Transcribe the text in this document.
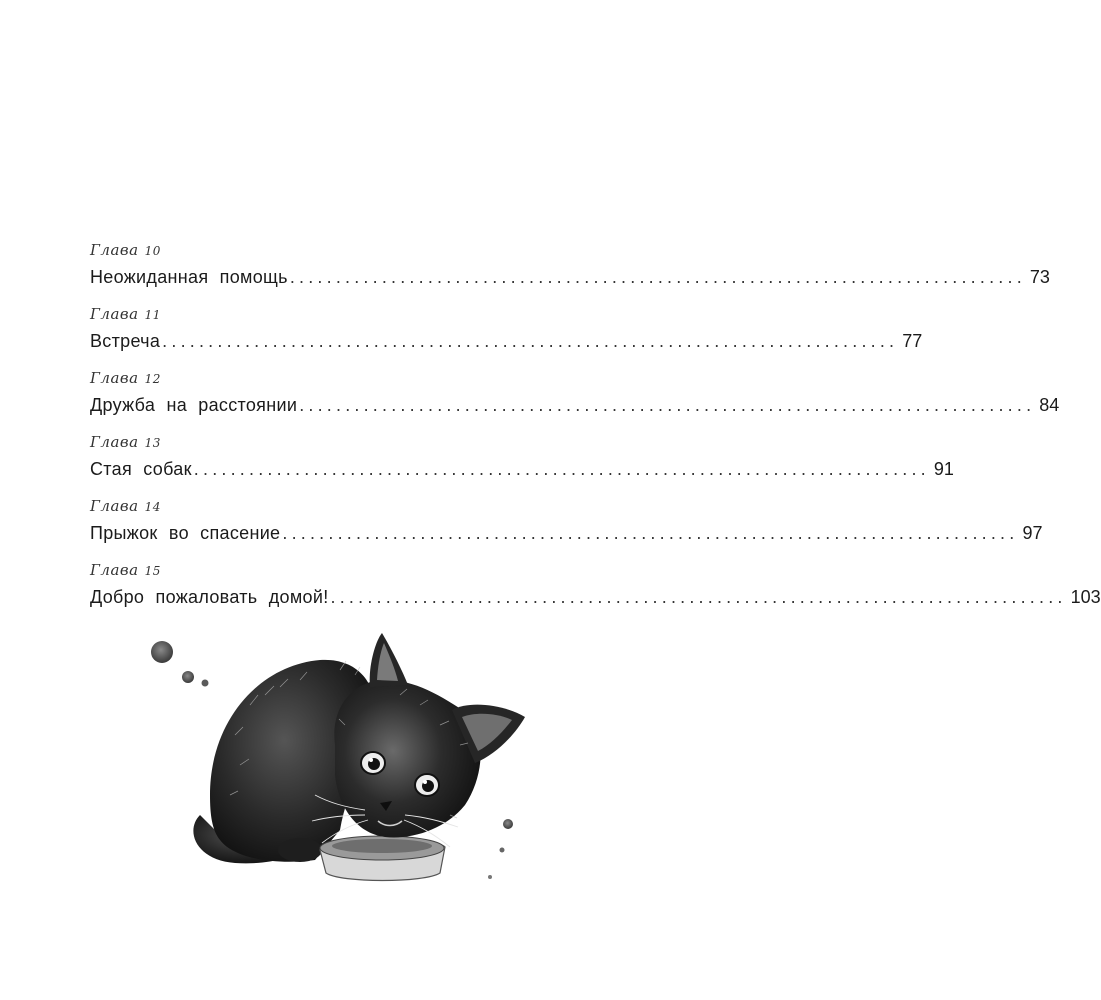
Глава 10
Неожиданная помощь ................................................................................ 73
Глава 11
Встреча ................................................................................ 77
Глава 12
Дружба на расстоянии ................................................................................ 84
Глава 13
Стая собак ................................................................................ 91
Глава 14
Прыжок во спасение ................................................................................ 97
Глава 15
Добро пожаловать домой! ................................................................................ 103
